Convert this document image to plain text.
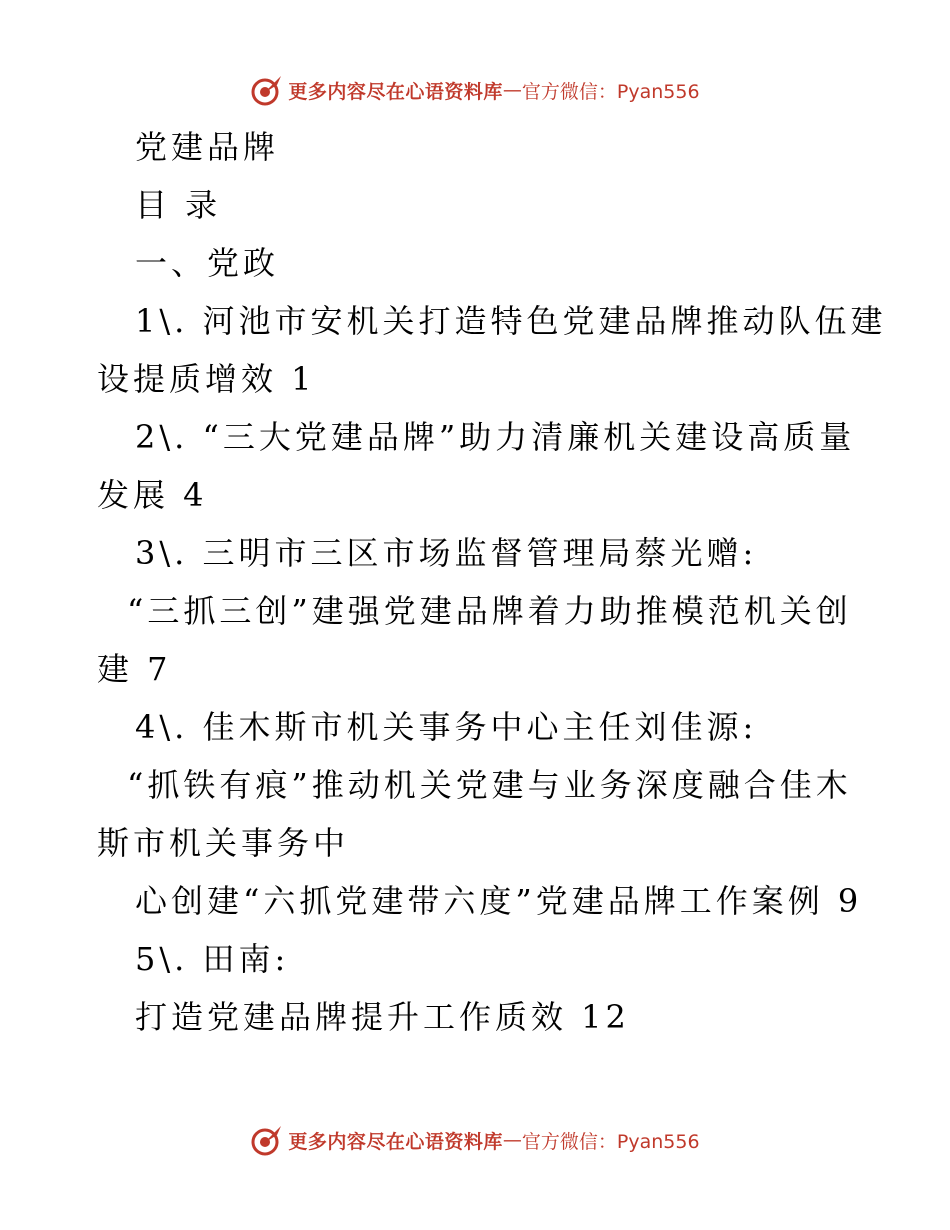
更多内容尽在心语资料库 — 官方微信：Pyan556
党建品牌
目 录
一、党政
1\. 河池市安机关打造特色党建品牌推动队伍建
设提质增效 1
2\. “三大党建品牌”助力清廉机关建设高质量
发展 4
3\. 三明市三区市场监督管理局蔡光赠:
“三抓三创”建强党建品牌着力助推模范机关创
建 7
4\. 佳木斯市机关事务中心主任刘佳源:
“抓铁有痕”推动机关党建与业务深度融合佳木
斯市机关事务中
心创建“六抓党建带六度”党建品牌工作案例 9
5\. 田南:
打造党建品牌提升工作质效 12
更多内容尽在心语资料库 — 官方微信：Pyan556
